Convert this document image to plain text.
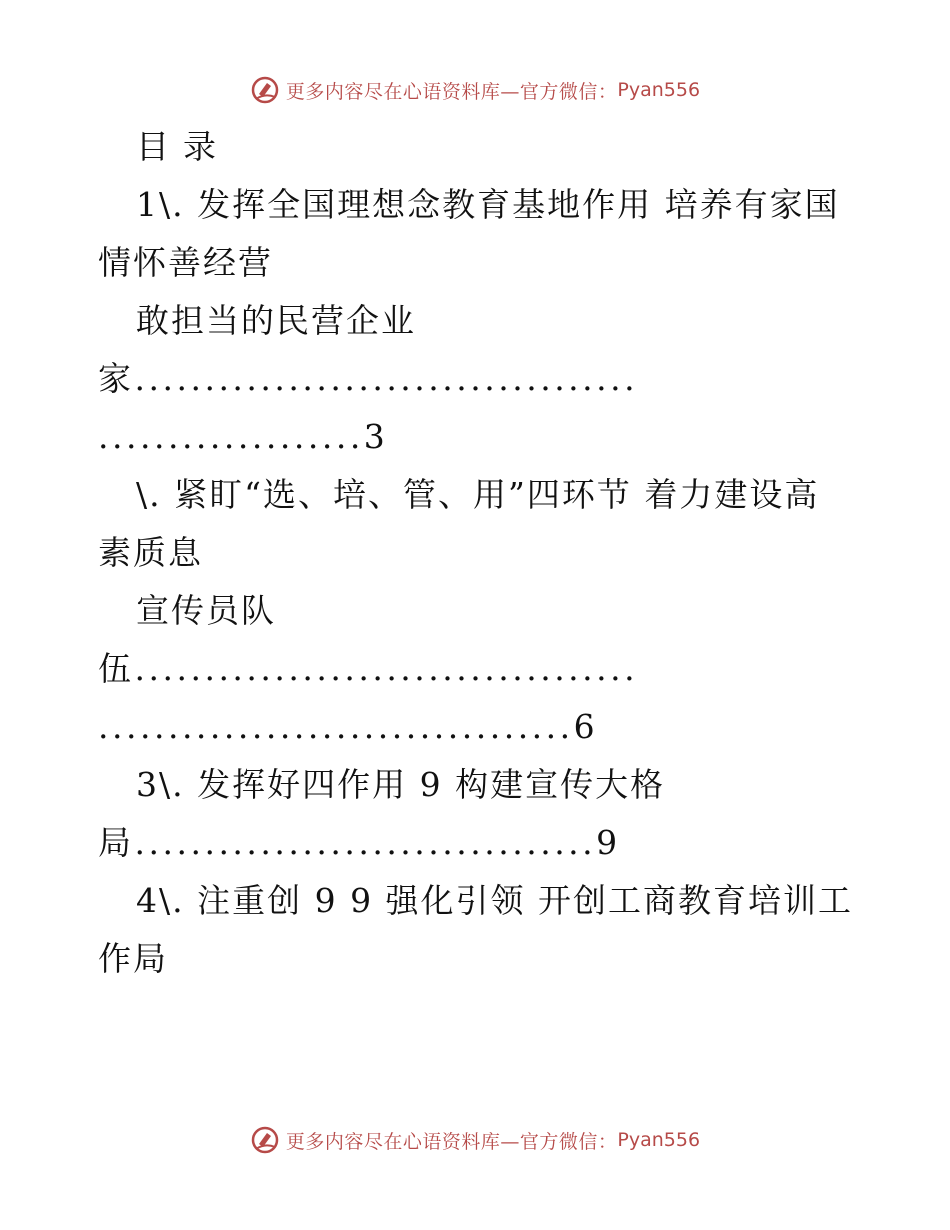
更多内容尽在心语资料库—官方微信： Pyan556
目录
1\. 发挥全国理想念教育基地作用 培养有家国
情怀善经营
敢担当的民营企业
家....................................
...................3
\. 紧盯“选、培、管、用”四环节 着力建设高
素质息
宣传员队
伍....................................
..................................6
3\. 发挥好四作用 9 构建宣传大格
局.................................9
4\. 注重创 9 9 强化引领 开创工商教育培训工
作局
更多内容尽在心语资料库—官方微信： Pyan556
